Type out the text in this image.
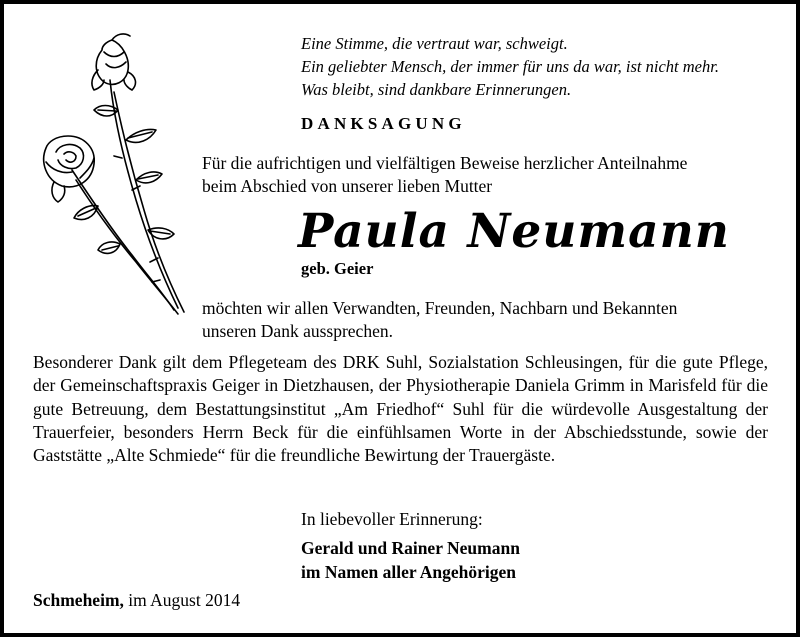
Eine Stimme, die vertraut war, schweigt.
Ein geliebter Mensch, der immer für uns da war, ist nicht mehr.
Was bleibt, sind dankbare Erinnerungen.
DANKSAGUNG
Für die aufrichtigen und vielfältigen Beweise herzlicher Anteilnahme
beim Abschied von unserer lieben Mutter
Paula Neumann
geb. Geier
möchten wir allen Verwandten, Freunden, Nachbarn und Bekannten
unseren Dank aussprechen.
Besonderer Dank gilt dem Pflegeteam des DRK Suhl, Sozialstation Schleusingen, für die gute Pflege, der Gemeinschaftspraxis Geiger in Dietzhausen, der Physiotherapie Daniela Grimm in Marisfeld für die gute Betreuung, dem Bestattungsinstitut „Am Friedhof“ Suhl für die würdevolle Ausgestaltung der Trauerfeier, besonders Herrn Beck für die einfühlsamen Worte in der Abschiedsstunde, sowie der Gaststätte „Alte Schmiede“ für die freundliche Bewirtung der Trauergäste.
In liebevoller Erinnerung:
Gerald und Rainer Neumann
im Namen aller Angehörigen
Schmeheim, im August 2014
